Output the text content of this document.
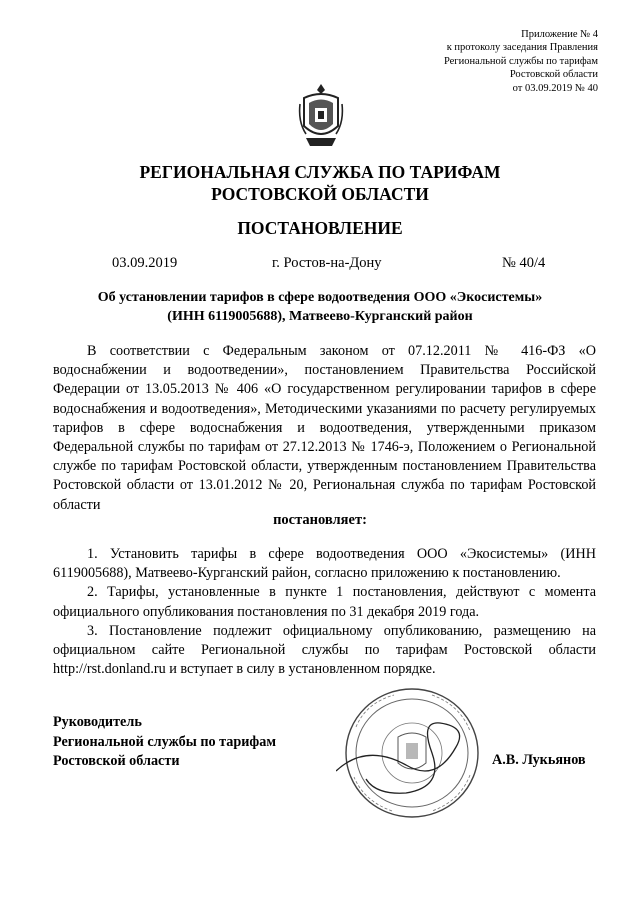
Приложение № 4
к протоколу заседания Правления
Региональной службы по тарифам
Ростовской области
от 03.09.2019 № 40
РЕГИОНАЛЬНАЯ СЛУЖБА ПО ТАРИФАМ
РОСТОВСКОЙ ОБЛАСТИ
ПОСТАНОВЛЕНИЕ
03.09.2019	г. Ростов-на-Дону	№ 40/4
Об установлении тарифов в сфере водоотведения ООО «Экосистемы»
(ИНН 6119005688), Матвеево-Курганский район
В соответствии с Федеральным законом от 07.12.2011 № 416-ФЗ «О водоснабжении и водоотведении», постановлением Правительства Российской Федерации от 13.05.2013 № 406 «О государственном регулировании тарифов в сфере водоснабжения и водоотведения», Методическими указаниями по расчету регулируемых тарифов в сфере водоснабжения и водоотведения, утвержденными приказом Федеральной службы по тарифам от 27.12.2013 № 1746-э, Положением о Региональной службе по тарифам Ростовской области, утвержденным постановлением Правительства Ростовской области от 13.01.2012 № 20, Региональная служба по тарифам Ростовской области
постановляет:

1. Установить тарифы в сфере водоотведения ООО «Экосистемы» (ИНН 6119005688), Матвеево-Курганский район, согласно приложению к постановлению.

2. Тарифы, установленные в пункте 1 постановления, действуют с момента официального опубликования постановления по 31 декабря 2019 года.

3. Постановление подлежит официальному опубликованию, размещению на официальном сайте Региональной службы по тарифам Ростовской области http://rst.donland.ru и вступает в силу в установленном порядке.

Руководитель
Региональной службы по тарифам
Ростовской области	А.В. Лукьянов
